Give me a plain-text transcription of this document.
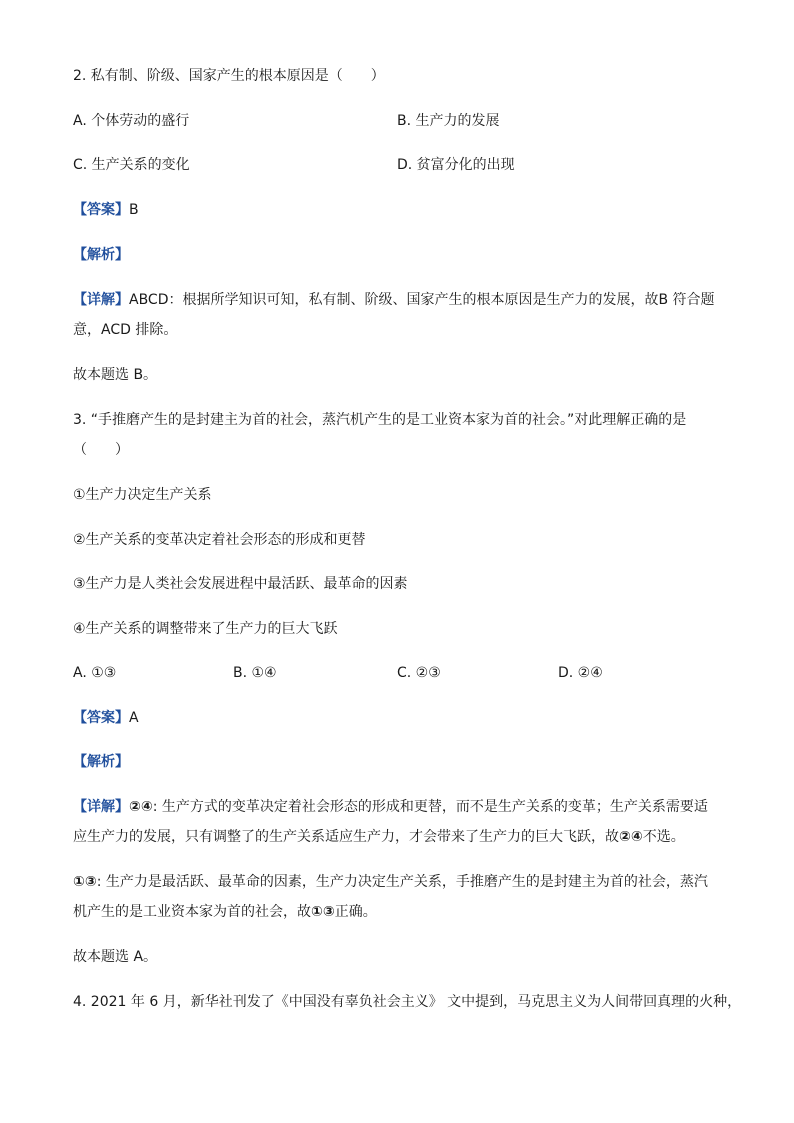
2. 私有制、阶级、国家产生的根本原因是（　　）
A. 个体劳动的盛行	B. 生产力的发展
C. 生产关系的变化	D. 贫富分化的出现
【答案】B
【解析】
【详解】ABCD：根据所学知识可知，私有制、阶级、国家产生的根本原因是生产力的发展，故B 符合题
意，ACD 排除。
故本题选 B。
3. “手推磨产生的是封建主为首的社会，蒸汽机产生的是工业资本家为首的社会。”对此理解正确的是
（　　）
①生产力决定生产关系
②生产关系的变革决定着社会形态的形成和更替
③生产力是人类社会发展进程中最活跃、最革命的因素
④生产关系的调整带来了生产力的巨大飞跃
A. ①③	B. ①④	C. ②③	D. ②④
【答案】A
【解析】
【详解】②④: 生产方式的变革决定着社会形态的形成和更替，而不是生产关系的变革；生产关系需要适
应生产力的发展，只有调整了的生产关系适应生产力，才会带来了生产力的巨大飞跃，故②④不选。
①③: 生产力是最活跃、最革命的因素，生产力决定生产关系，手推磨产生的是封建主为首的社会，蒸汽
机产生的是工业资本家为首的社会，故①③正确。
故本题选 A。
4. 2021 年 6 月，新华社刊发了《中国没有辜负社会主义》 文中提到，马克思主义为人间带回真理的火种，
